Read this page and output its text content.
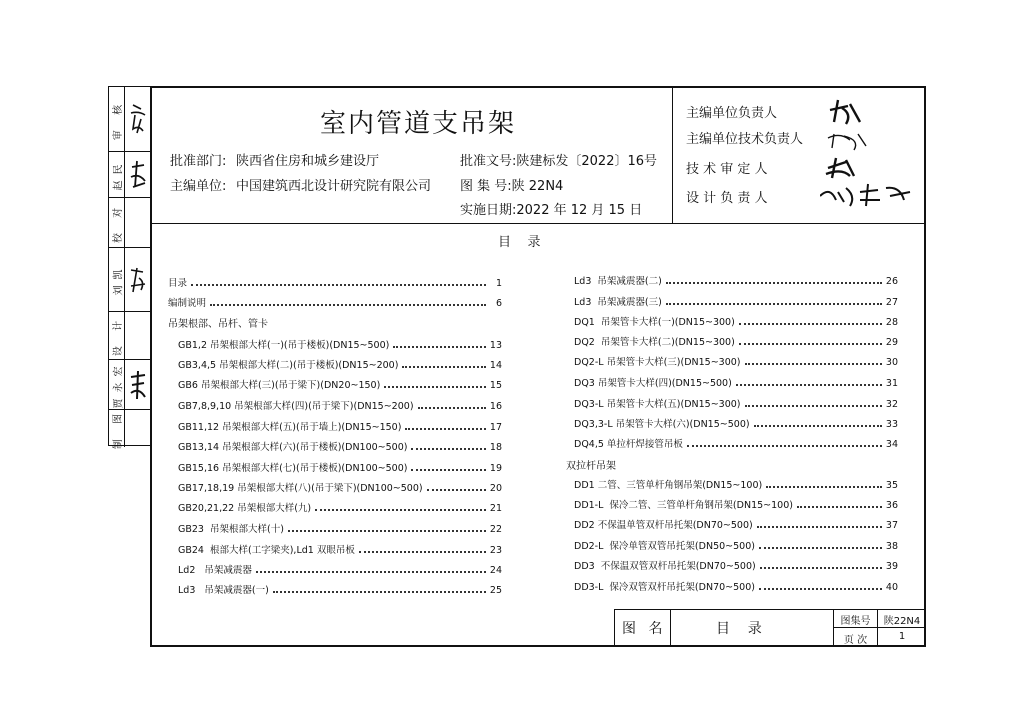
审 核
赵民
校 对
刘凯
设 计
贾永宏
制 图
室内管道支吊架
批准部门: 陕西省住房和城乡建设厅
主编单位: 中国建筑西北设计研究院有限公司
批准文号:陕建标发〔2022〕16号
图 集 号:陕 22N4
实施日期:2022 年 12 月 15 日
主编单位负责人
主编单位技术负责人
技 术 审 定 人
设 计 负 责 人
目    录
目录	1
编制说明	6
吊架根部、吊杆、管卡
GB1,2 吊架根部大样(一)(吊于楼板)(DN15~500)	13
GB3,4,5 吊架根部大样(二)(吊于楼板)(DN15~200)	14
GB6 吊架根部大样(三)(吊于梁下)(DN20~150)	15
GB7,8,9,10 吊架根部大样(四)(吊于梁下)(DN15~200)	16
GB11,12 吊架根部大样(五)(吊于墙上)(DN15~150)	17
GB13,14 吊架根部大样(六)(吊于楼板)(DN100~500)	18
GB15,16 吊架根部大样(七)(吊于楼板)(DN100~500)	19
GB17,18,19 吊架根部大样(八)(吊于梁下)(DN100~500)	20
GB20,21,22 吊架根部大样(九)	21
GB23  吊架根部大样(十)	22
GB24  根部大样(工字梁夹),Ld1 双眼吊板	23
Ld2   吊架减震器	24
Ld3   吊架减震器(一)	25
Ld3  吊架减震器(二)	26
Ld3  吊架减震器(三)	27
DQ1  吊架管卡大样(一)(DN15~300)	28
DQ2  吊架管卡大样(二)(DN15~300)	29
DQ2-L 吊架管卡大样(三)(DN15~300)	30
DQ3 吊架管卡大样(四)(DN15~500)	31
DQ3-L 吊架管卡大样(五)(DN15~300)	32
DQ3,3-L 吊架管卡大样(六)(DN15~500)	33
DQ4,5 单拉杆焊接管吊板	34
双拉杆吊架
DD1 二管、三管单杆角钢吊架(DN15~100)	35
DD1-L  保冷二管、三管单杆角钢吊架(DN15~100)	36
DD2 不保温单管双杆吊托架(DN70~500)	37
DD2-L  保冷单管双管吊托架(DN50~500)	38
DD3  不保温双管双杆吊托架(DN70~500)	39
DD3-L  保冷双管双杆吊托架(DN70~500)	40
图 名	目    录	图集号	陕22N4
页 次	1
